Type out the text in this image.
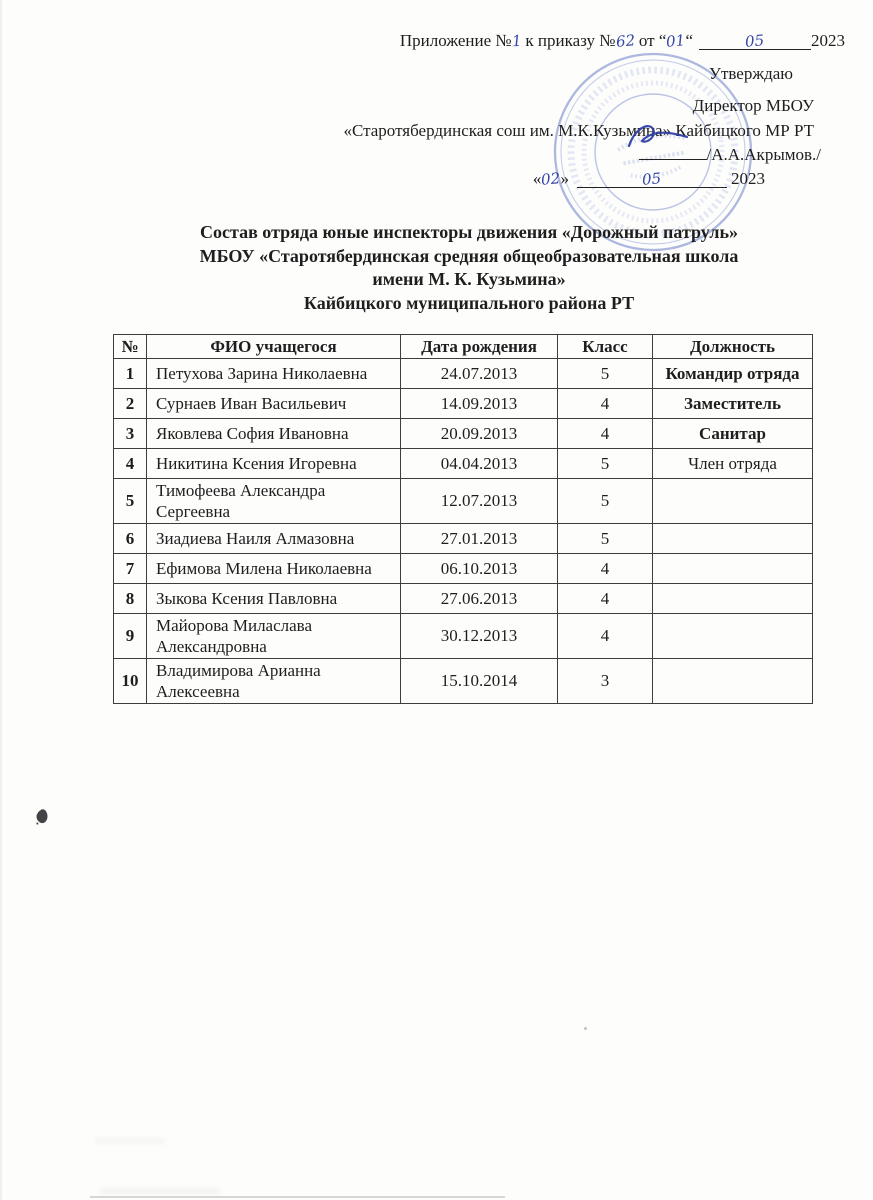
Приложение №1 к приказу №62 от “01“	05	2023
Утверждаю
Директор МБОУ
«Старотябердинская сош им. М.К.Кузьмина» Кайбицкого МР РТ
/А.А.Акрымов./
«02»	05	2023
Состав отряда юные инспекторы движения «Дорожный патруль»
МБОУ «Старотябердинская средняя общеобразовательная школа
имени М. К. Кузьмина»
Кайбицкого муниципального района РТ
№	ФИО учащегося	Дата рождения	Класс	Должность
1	Петухова Зарина Николаевна	24.07.2013	5	Командир отряда
2	Сурнаев Иван Васильевич	14.09.2013	4	Заместитель
3	Яковлева София Ивановна	20.09.2013	4	Санитар
4	Никитина Ксения Игоревна	04.04.2013	5	Член отряда
5	Тимофеева Александра Сергеевна	12.07.2013	5	
6	Зиадиева Наиля Алмазовна	27.01.2013	5	
7	Ефимова Милена Николаевна	06.10.2013	4	
8	Зыкова Ксения Павловна	27.06.2013	4	
9	Майорова Миласлава Александровна	30.12.2013	4	
10	Владимирова Арианна Алексеевна	15.10.2014	3	
